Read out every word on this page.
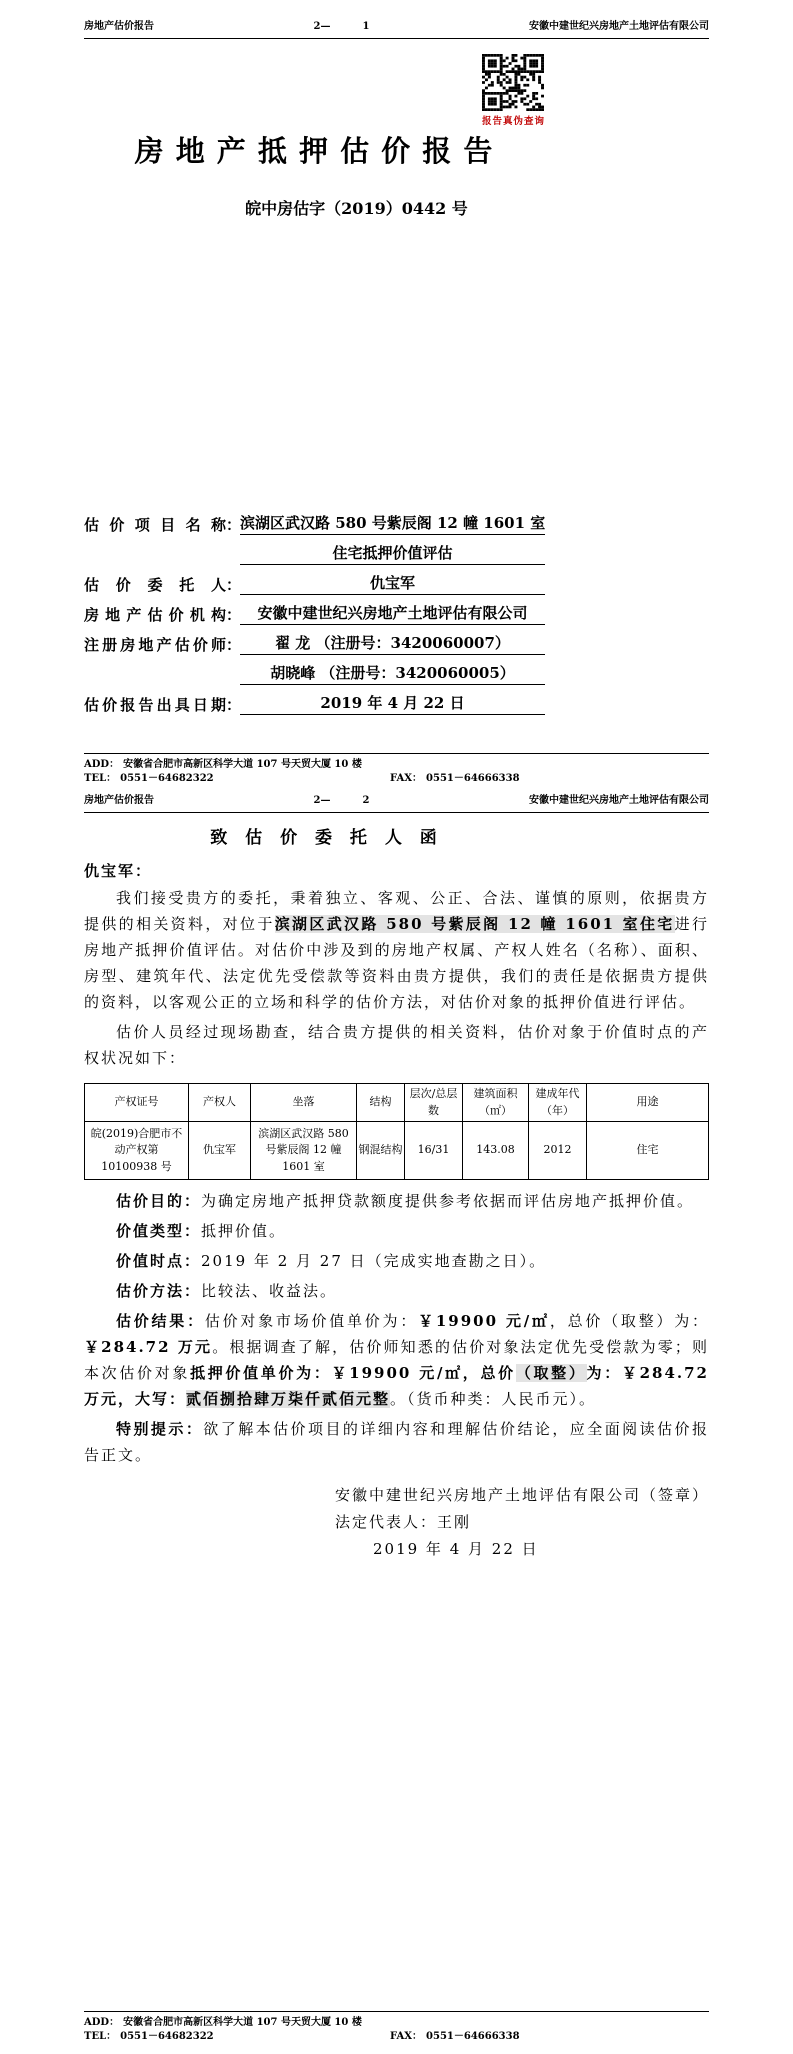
房地产估价报告	2—	1	安徽中建世纪兴房地产土地评估有限公司
报告真伪查询
房 地 产 抵 押 估 价 报 告
皖中房估字（2019）0442 号
估价项目名称 ：
滨湖区武汉路 580 号紫辰阁 12 幢 1601 室
住宅抵押价值评估
估价委托人 ：	仇宝军
房地产估价机构 ：	安徽中建世纪兴房地产土地评估有限公司
注册房地产估价师 ：	翟 龙 （注册号：3420060007）
胡晓峰 （注册号：3420060005）
估价报告出具日期 ：	2019 年 4 月 22 日
ADD： 安徽省合肥市高新区科学大道 107 号天贸大厦 10 楼
TEL： 0551－64682322	FAX： 0551－64666338
房地产估价报告	2—	2	安徽中建世纪兴房地产土地评估有限公司
致 估 价 委 托 人 函
仇宝军：

我们接受贵方的委托，秉着独立、客观、公正、合法、谨慎的原则，依据贵方提供的相关资料，对位于滨湖区武汉路 580 号紫辰阁 12 幢 1601 室住宅进行房地产抵押价值评估。对估价中涉及到的房地产权属、产权人姓名（名称）、面积、房型、建筑年代、法定优先受偿款等资料由贵方提供，我们的责任是依据贵方提供的资料，以客观公正的立场和科学的估价方法，对估价对象的抵押价值进行评估。

估价人员经过现场勘查，结合贵方提供的相关资料，估价对象于价值时点的产权状况如下：

产权证号	产权人	坐落	结构	层次/总层数	建筑面积（㎡）	建成年代（年）	用途
皖(2019)合肥市不动产权第 10100938 号	仇宝军	滨湖区武汉路 580 号紫辰阁 12 幢 1601 室	钢混结构	16/31	143.08	2012	住宅

估价目的：为确定房地产抵押贷款额度提供参考依据而评估房地产抵押价值。

价值类型：抵押价值。

价值时点：2019 年 2 月 27 日（完成实地查勘之日）。

估价方法：比较法、收益法。

估价结果：估价对象市场价值单价为：￥19900 元/㎡，总价（取整）为：￥284.72 万元。根据调查了解，估价师知悉的估价对象法定优先受偿款为零；则本次估价对象抵押价值单价为：￥19900 元/㎡，总价（取整）为：￥284.72 万元，大写：贰佰捌拾肆万柒仟贰佰元整。（货币种类：人民币元）。

特别提示：欲了解本估价项目的详细内容和理解估价结论，应全面阅读估价报告正文。

安徽中建世纪兴房地产土地评估有限公司（签章）
法定代表人：王刚
2019 年 4 月 22 日
ADD： 安徽省合肥市高新区科学大道 107 号天贸大厦 10 楼
TEL： 0551－64682322	FAX： 0551－64666338
